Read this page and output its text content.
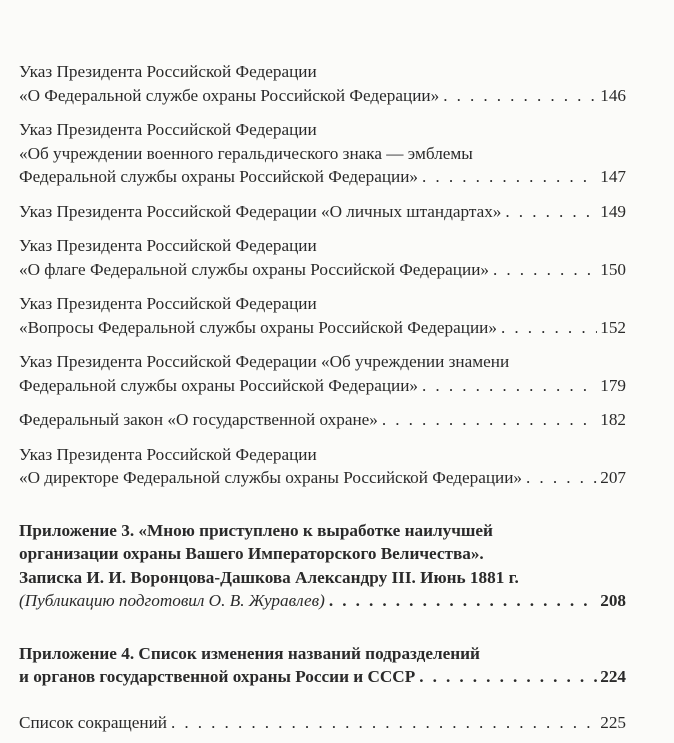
Указ Президента Российской Федерации
«О Федеральной службе охраны Российской Федерации» . . .	146
Указ Президента Российской Федерации
«Об учреждении военного геральдического знака — эмблемы
Федеральной службы охраны Российской Федерации» . . .	147
Указ Президента Российской Федерации «О личных штандартах» . . .	149
Указ Президента Российской Федерации
«О флаге Федеральной службы охраны Российской Федерации» . . .	150
Указ Президента Российской Федерации
«Вопросы Федеральной службы охраны Российской Федерации» . . .	152
Указ Президента Российской Федерации «Об учреждении знамени
Федеральной службы охраны Российской Федерации» . . .	179
Федеральный закон «О государственной охране» . . .	182
Указ Президента Российской Федерации
«О директоре Федеральной службы охраны Российской Федерации» . . .	207
Приложение 3. «Мною приступлено к выработке наилучшей
организации охраны Вашего Императорского Величества».
Записка И. И. Воронцова-Дашкова Александру III. Июнь 1881 г.
(Публикацию подготовил О. В. Журавлев) . . .	208
Приложение 4. Список изменения названий подразделений
и органов государственной охраны России и СССР . . .	224
Список сокращений . . .	225
